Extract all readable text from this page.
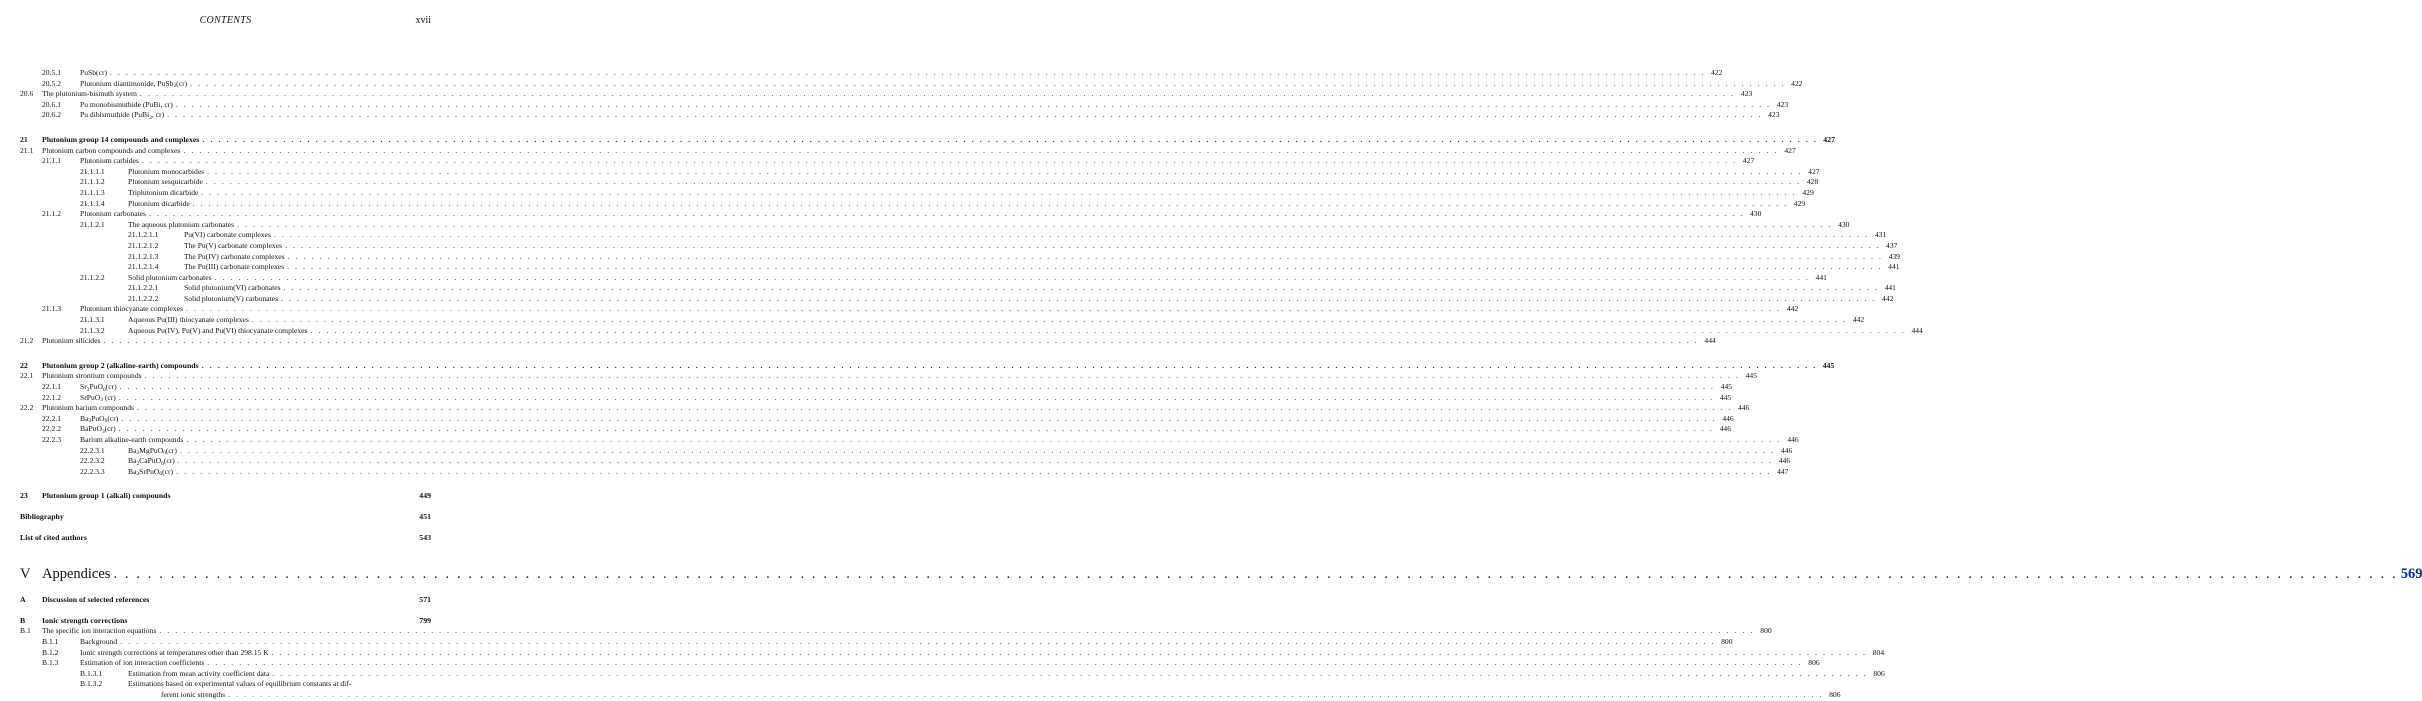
CONTENTS	xvii
20.5.1	PuSb(cr) . . . . . . . . . . . . . . . . . . . . . . . . . . . . . . . . . . . . . . . . . . . . . . . . . . . . . . . . . . . . . . . . . . . . . . . . . . . . . . . . . . . . . . . . . . . . . . . . . . . . . . . . . . . . . . . . . . . . . . . . . . . . . . . . . . . . . . . . . . . . . . . . . . . . . . . . . . . . . . . . . . . . . . . . . . . . . . . . . . . . . . . . . . . . . . . . . . . . . . . . 422
20.5.2	Plutonium diantimonide, PuSb2(cr) . . . . . . . . . . . . . . . . . . . . . . . . . . . . . . . . . . . . . . . . . . . . . . . . . . . . . . . . . . . . . . . . . . . . . . . . . . . . . . . . . . . . . . . . . . . . . . . . . . . . . . . . . . . . . . . . . . . . . . . . . . . . . . . . . . . . . . . . . . . . . . . . . . . . . . . . . . . . . . . . . . . . . . . . . . . . . . . . . . . . . . . . . . . . . . . . . . . . . . . . 422
20.6	The plutonium-bismuth system . . . . . . . . . . . . . . . . . . . . . . . . . . . . . . . . . . . . . . . . . . . . . . . . . . . . . . . . . . . . . . . . . . . . . . . . . . . . . . . . . . . . . . . . . . . . . . . . . . . . . . . . . . . . . . . . . . . . . . . . . . . . . . . . . . . . . . . . . . . . . . . . . . . . . . . . . . . . . . . . . . . . . . . . . . . . . . . . . . . . . . . . . . . . . . . . . . . . . . . . 423
20.6.1	Pu monobismuthide (PuBi, cr) . . . . . . . . . . . . . . . . . . . . . . . . . . . . . . . . . . . . . . . . . . . . . . . . . . . . . . . . . . . . . . . . . . . . . . . . . . . . . . . . . . . . . . . . . . . . . . . . . . . . . . . . . . . . . . . . . . . . . . . . . . . . . . . . . . . . . . . . . . . . . . . . . . . . . . . . . . . . . . . . . . . . . . . . . . . . . . . . . . . . . . . . . . . . . . . . . . . . . . . . 423
20.6.2	Pu dibismuthide (PuBi2, cr) . . . . . . . . . . . . . . . . . . . . . . . . . . . . . . . . . . . . . . . . . . . . . . . . . . . . . . . . . . . . . . . . . . . . . . . . . . . . . . . . . . . . . . . . . . . . . . . . . . . . . . . . . . . . . . . . . . . . . . . . . . . . . . . . . . . . . . . . . . . . . . . . . . . . . . . . . . . . . . . . . . . . . . . . . . . . . . . . . . . . . . . . . . . . . . . . . . . . . . . . 423
21	Plutonium group 14 compounds and complexes . . . . . . . . . . . . . . . . . . . . . . . . . . . . . . . . . . . . . . . . . . . . . . . . . . . . . . . . . . . . . . . . . . . . . . . . . . . . . . . . . . . . . . . . . . . . . . . . . . . . . . . . . . . . . . . . . . . . . . . . . . . . . . . . . . . . . . . . . . . . . . . . . . . . . . . . . . . . . . . . . . . . . . . . . . . . . . . . . . . . . . . . . . . . . . . . . . . . . . . . 427
21.1	Plutonium carbon compounds and complexes . . . . . . . . . . . . . . . . . . . . . . . . . . . . . . . . . . . . . . . . . . . . . . . . . . . . . . . . . . . . . . . . . . . . . . . . . . . . . . . . . . . . . . . . . . . . . . . . . . . . . . . . . . . . . . . . . . . . . . . . . . . . . . . . . . . . . . . . . . . . . . . . . . . . . . . . . . . . . . . . . . . . . . . . . . . . . . . . . . . . . . . . . . . . . . . . . . . . . . . . 427
21.1.1	Plutonium carbides . . . . . . . . . . . . . . . . . . . . . . . . . . . . . . . . . . . . . . . . . . . . . . . . . . . . . . . . . . . . . . . . . . . . . . . . . . . . . . . . . . . . . . . . . . . . . . . . . . . . . . . . . . . . . . . . . . . . . . . . . . . . . . . . . . . . . . . . . . . . . . . . . . . . . . . . . . . . . . . . . . . . . . . . . . . . . . . . . . . . . . . . . . . . . . . . . . . . . . . . 427
21.1.1.1	Plutonium monocarbides . . . . . . . . . . . . . . . . . . . . . . . . . . . . . . . . . . . . . . . . . . . . . . . . . . . . . . . . . . . . . . . . . . . . . . . . . . . . . . . . . . . . . . . . . . . . . . . . . . . . . . . . . . . . . . . . . . . . . . . . . . . . . . . . . . . . . . . . . . . . . . . . . . . . . . . . . . . . . . . . . . . . . . . . . . . . . . . . . . . . . . . . . . . . . . . . . . . . . . . . 427
21.1.1.2	Plutonium sesquicarbide . . . . . . . . . . . . . . . . . . . . . . . . . . . . . . . . . . . . . . . . . . . . . . . . . . . . . . . . . . . . . . . . . . . . . . . . . . . . . . . . . . . . . . . . . . . . . . . . . . . . . . . . . . . . . . . . . . . . . . . . . . . . . . . . . . . . . . . . . . . . . . . . . . . . . . . . . . . . . . . . . . . . . . . . . . . . . . . . . . . . . . . . . . . . . . . . . . . . . . . . 428
21.1.1.3	Triplutonium dicarbide . . . . . . . . . . . . . . . . . . . . . . . . . . . . . . . . . . . . . . . . . . . . . . . . . . . . . . . . . . . . . . . . . . . . . . . . . . . . . . . . . . . . . . . . . . . . . . . . . . . . . . . . . . . . . . . . . . . . . . . . . . . . . . . . . . . . . . . . . . . . . . . . . . . . . . . . . . . . . . . . . . . . . . . . . . . . . . . . . . . . . . . . . . . . . . . . . . . . . . . . 429
21.1.1.4	Plutonium dicarbide . . . . . . . . . . . . . . . . . . . . . . . . . . . . . . . . . . . . . . . . . . . . . . . . . . . . . . . . . . . . . . . . . . . . . . . . . . . . . . . . . . . . . . . . . . . . . . . . . . . . . . . . . . . . . . . . . . . . . . . . . . . . . . . . . . . . . . . . . . . . . . . . . . . . . . . . . . . . . . . . . . . . . . . . . . . . . . . . . . . . . . . . . . . . . . . . . . . . . . . . 429
21.1.2	Plutonium carbonates . . . . . . . . . . . . . . . . . . . . . . . . . . . . . . . . . . . . . . . . . . . . . . . . . . . . . . . . . . . . . . . . . . . . . . . . . . . . . . . . . . . . . . . . . . . . . . . . . . . . . . . . . . . . . . . . . . . . . . . . . . . . . . . . . . . . . . . . . . . . . . . . . . . . . . . . . . . . . . . . . . . . . . . . . . . . . . . . . . . . . . . . . . . . . . . . . . . . . . . . 430
21.1.2.1	The aqueous plutonium carbonates . . . . . . . . . . . . . . . . . . . . . . . . . . . . . . . . . . . . . . . . . . . . . . . . . . . . . . . . . . . . . . . . . . . . . . . . . . . . . . . . . . . . . . . . . . . . . . . . . . . . . . . . . . . . . . . . . . . . . . . . . . . . . . . . . . . . . . . . . . . . . . . . . . . . . . . . . . . . . . . . . . . . . . . . . . . . . . . . . . . . . . . . . . . . . . . . . . . . . . . . 430
21.1.2.1.1	Pu(VI) carbonate complexes . . . . . . . . . . . . . . . . . . . . . . . . . . . . . . . . . . . . . . . . . . . . . . . . . . . . . . . . . . . . . . . . . . . . . . . . . . . . . . . . . . . . . . . . . . . . . . . . . . . . . . . . . . . . . . . . . . . . . . . . . . . . . . . . . . . . . . . . . . . . . . . . . . . . . . . . . . . . . . . . . . . . . . . . . . . . . . . . . . . . . . . . . . . . . . . . . . . . . . . . 431
21.1.2.1.2	The Pu(V) carbonate complexes . . . . . . . . . . . . . . . . . . . . . . . . . . . . . . . . . . . . . . . . . . . . . . . . . . . . . . . . . . . . . . . . . . . . . . . . . . . . . . . . . . . . . . . . . . . . . . . . . . . . . . . . . . . . . . . . . . . . . . . . . . . . . . . . . . . . . . . . . . . . . . . . . . . . . . . . . . . . . . . . . . . . . . . . . . . . . . . . . . . . . . . . . . . . . . . . . . . . . . . . 437
21.1.2.1.3	The Pu(IV) carbonate complexes . . . . . . . . . . . . . . . . . . . . . . . . . . . . . . . . . . . . . . . . . . . . . . . . . . . . . . . . . . . . . . . . . . . . . . . . . . . . . . . . . . . . . . . . . . . . . . . . . . . . . . . . . . . . . . . . . . . . . . . . . . . . . . . . . . . . . . . . . . . . . . . . . . . . . . . . . . . . . . . . . . . . . . . . . . . . . . . . . . . . . . . . . . . . . . . . . . . . . . . . 439
21.1.2.1.4	The Pu(III) carbonate complexes . . . . . . . . . . . . . . . . . . . . . . . . . . . . . . . . . . . . . . . . . . . . . . . . . . . . . . . . . . . . . . . . . . . . . . . . . . . . . . . . . . . . . . . . . . . . . . . . . . . . . . . . . . . . . . . . . . . . . . . . . . . . . . . . . . . . . . . . . . . . . . . . . . . . . . . . . . . . . . . . . . . . . . . . . . . . . . . . . . . . . . . . . . . . . . . . . . . . . . . . 441
21.1.2.2	Solid plutonium carbonates . . . . . . . . . . . . . . . . . . . . . . . . . . . . . . . . . . . . . . . . . . . . . . . . . . . . . . . . . . . . . . . . . . . . . . . . . . . . . . . . . . . . . . . . . . . . . . . . . . . . . . . . . . . . . . . . . . . . . . . . . . . . . . . . . . . . . . . . . . . . . . . . . . . . . . . . . . . . . . . . . . . . . . . . . . . . . . . . . . . . . . . . . . . . . . . . . . . . . . . . 441
21.1.2.2.1	Solid plutonium(VI) carbonates . . . . . . . . . . . . . . . . . . . . . . . . . . . . . . . . . . . . . . . . . . . . . . . . . . . . . . . . . . . . . . . . . . . . . . . . . . . . . . . . . . . . . . . . . . . . . . . . . . . . . . . . . . . . . . . . . . . . . . . . . . . . . . . . . . . . . . . . . . . . . . . . . . . . . . . . . . . . . . . . . . . . . . . . . . . . . . . . . . . . . . . . . . . . . . . . . . . . . . . . 441
21.1.2.2.2	Solid plutonium(V) carbonates . . . . . . . . . . . . . . . . . . . . . . . . . . . . . . . . . . . . . . . . . . . . . . . . . . . . . . . . . . . . . . . . . . . . . . . . . . . . . . . . . . . . . . . . . . . . . . . . . . . . . . . . . . . . . . . . . . . . . . . . . . . . . . . . . . . . . . . . . . . . . . . . . . . . . . . . . . . . . . . . . . . . . . . . . . . . . . . . . . . . . . . . . . . . . . . . . . . . . . . . 442
21.1.3	Plutonium thiocyanate complexes . . . . . . . . . . . . . . . . . . . . . . . . . . . . . . . . . . . . . . . . . . . . . . . . . . . . . . . . . . . . . . . . . . . . . . . . . . . . . . . . . . . . . . . . . . . . . . . . . . . . . . . . . . . . . . . . . . . . . . . . . . . . . . . . . . . . . . . . . . . . . . . . . . . . . . . . . . . . . . . . . . . . . . . . . . . . . . . . . . . . . . . . . . . . . . . . . . . . . . . . 442
21.1.3.1	Aqueous Pu(III) thiocyanate complexes . . . . . . . . . . . . . . . . . . . . . . . . . . . . . . . . . . . . . . . . . . . . . . . . . . . . . . . . . . . . . . . . . . . . . . . . . . . . . . . . . . . . . . . . . . . . . . . . . . . . . . . . . . . . . . . . . . . . . . . . . . . . . . . . . . . . . . . . . . . . . . . . . . . . . . . . . . . . . . . . . . . . . . . . . . . . . . . . . . . . . . . . . . . . . . . . . . . . . . . . 442
21.1.3.2	Aqueous Pu(IV), Pu(V) and Pu(VI) thiocyanate complexes . . . . . . . . . . . . . . . . . . . . . . . . . . . . . . . . . . . . . . . . . . . . . . . . . . . . . . . . . . . . . . . . . . . . . . . . . . . . . . . . . . . . . . . . . . . . . . . . . . . . . . . . . . . . . . . . . . . . . . . . . . . . . . . . . . . . . . . . . . . . . . . . . . . . . . . . . . . . . . . . . . . . . . . . . . . . . . . . . . . . . . . . . . . . . . . . . . . . . . . . 444
21.2	Plutonium silicides . . . . . . . . . . . . . . . . . . . . . . . . . . . . . . . . . . . . . . . . . . . . . . . . . . . . . . . . . . . . . . . . . . . . . . . . . . . . . . . . . . . . . . . . . . . . . . . . . . . . . . . . . . . . . . . . . . . . . . . . . . . . . . . . . . . . . . . . . . . . . . . . . . . . . . . . . . . . . . . . . . . . . . . . . . . . . . . . . . . . . . . . . . . . . . . . . . . . . . . . 444
22	Plutonium group 2 (alkaline-earth) compounds . . . . . . . . . . . . . . . . . . . . . . . . . . . . . . . . . . . . . . . . . . . . . . . . . . . . . . . . . . . . . . . . . . . . . . . . . . . . . . . . . . . . . . . . . . . . . . . . . . . . . . . . . . . . . . . . . . . . . . . . . . . . . . . . . . . . . . . . . . . . . . . . . . . . . . . . . . . . . . . . . . . . . . . . . . . . . . . . . . . . . . . . . . . . . . . . . . . . . . . . 445
22.1	Plutonium strontium compounds . . . . . . . . . . . . . . . . . . . . . . . . . . . . . . . . . . . . . . . . . . . . . . . . . . . . . . . . . . . . . . . . . . . . . . . . . . . . . . . . . . . . . . . . . . . . . . . . . . . . . . . . . . . . . . . . . . . . . . . . . . . . . . . . . . . . . . . . . . . . . . . . . . . . . . . . . . . . . . . . . . . . . . . . . . . . . . . . . . . . . . . . . . . . . . . . . . . . . . . . 445
22.1.1	Sr3PuO6(cr) . . . . . . . . . . . . . . . . . . . . . . . . . . . . . . . . . . . . . . . . . . . . . . . . . . . . . . . . . . . . . . . . . . . . . . . . . . . . . . . . . . . . . . . . . . . . . . . . . . . . . . . . . . . . . . . . . . . . . . . . . . . . . . . . . . . . . . . . . . . . . . . . . . . . . . . . . . . . . . . . . . . . . . . . . . . . . . . . . . . . . . . . . . . . . . . . . . . . . . . . 445
22.1.2	SrPuO3 (cr) . . . . . . . . . . . . . . . . . . . . . . . . . . . . . . . . . . . . . . . . . . . . . . . . . . . . . . . . . . . . . . . . . . . . . . . . . . . . . . . . . . . . . . . . . . . . . . . . . . . . . . . . . . . . . . . . . . . . . . . . . . . . . . . . . . . . . . . . . . . . . . . . . . . . . . . . . . . . . . . . . . . . . . . . . . . . . . . . . . . . . . . . . . . . . . . . . . . . . . . . 445
22.2	Plutonium barium compounds . . . . . . . . . . . . . . . . . . . . . . . . . . . . . . . . . . . . . . . . . . . . . . . . . . . . . . . . . . . . . . . . . . . . . . . . . . . . . . . . . . . . . . . . . . . . . . . . . . . . . . . . . . . . . . . . . . . . . . . . . . . . . . . . . . . . . . . . . . . . . . . . . . . . . . . . . . . . . . . . . . . . . . . . . . . . . . . . . . . . . . . . . . . . . . . . . . . . . . . . 446
22.2.1	Ba3PuO6(cr) . . . . . . . . . . . . . . . . . . . . . . . . . . . . . . . . . . . . . . . . . . . . . . . . . . . . . . . . . . . . . . . . . . . . . . . . . . . . . . . . . . . . . . . . . . . . . . . . . . . . . . . . . . . . . . . . . . . . . . . . . . . . . . . . . . . . . . . . . . . . . . . . . . . . . . . . . . . . . . . . . . . . . . . . . . . . . . . . . . . . . . . . . . . . . . . . . . . . . . . . 446
22.2.2	BaPuO3(cr) . . . . . . . . . . . . . . . . . . . . . . . . . . . . . . . . . . . . . . . . . . . . . . . . . . . . . . . . . . . . . . . . . . . . . . . . . . . . . . . . . . . . . . . . . . . . . . . . . . . . . . . . . . . . . . . . . . . . . . . . . . . . . . . . . . . . . . . . . . . . . . . . . . . . . . . . . . . . . . . . . . . . . . . . . . . . . . . . . . . . . . . . . . . . . . . . . . . . . . . . 446
22.2.3	Barium alkaline-earth compounds . . . . . . . . . . . . . . . . . . . . . . . . . . . . . . . . . . . . . . . . . . . . . . . . . . . . . . . . . . . . . . . . . . . . . . . . . . . . . . . . . . . . . . . . . . . . . . . . . . . . . . . . . . . . . . . . . . . . . . . . . . . . . . . . . . . . . . . . . . . . . . . . . . . . . . . . . . . . . . . . . . . . . . . . . . . . . . . . . . . . . . . . . . . . . . . . . . . . . . . . 446
22.2.3.1	Ba2MgPuO6(cr) . . . . . . . . . . . . . . . . . . . . . . . . . . . . . . . . . . . . . . . . . . . . . . . . . . . . . . . . . . . . . . . . . . . . . . . . . . . . . . . . . . . . . . . . . . . . . . . . . . . . . . . . . . . . . . . . . . . . . . . . . . . . . . . . . . . . . . . . . . . . . . . . . . . . . . . . . . . . . . . . . . . . . . . . . . . . . . . . . . . . . . . . . . . . . . . . . . . . . . . . 446
22.2.3.2	Ba2CaPuO6(cr) . . . . . . . . . . . . . . . . . . . . . . . . . . . . . . . . . . . . . . . . . . . . . . . . . . . . . . . . . . . . . . . . . . . . . . . . . . . . . . . . . . . . . . . . . . . . . . . . . . . . . . . . . . . . . . . . . . . . . . . . . . . . . . . . . . . . . . . . . . . . . . . . . . . . . . . . . . . . . . . . . . . . . . . . . . . . . . . . . . . . . . . . . . . . . . . . . . . . . . . . 446
22.2.3.3	Ba2SrPuO6(cr) . . . . . . . . . . . . . . . . . . . . . . . . . . . . . . . . . . . . . . . . . . . . . . . . . . . . . . . . . . . . . . . . . . . . . . . . . . . . . . . . . . . . . . . . . . . . . . . . . . . . . . . . . . . . . . . . . . . . . . . . . . . . . . . . . . . . . . . . . . . . . . . . . . . . . . . . . . . . . . . . . . . . . . . . . . . . . . . . . . . . . . . . . . . . . . . . . . . . . . . . 447
23	Plutonium group 1 (alkali) compounds	449
Bibliography	451
List of cited authors	543
V Appendices . . . . . . . . . . . . . . . . . . . . . . . . . . . . . . . . . . . . . . . . . . . . . . . . . . . . . . . . . . . . . . . . . . . . . . . . . . . . . . . . . . . . . . . . . . . . . . . . . . . . . . . . . . . . . . . . . . . . . . . . . . . . . . . . . . . . . . . . . . . . . . . . . . . . . . . . . . . . . . . . . . . . . . . . . . . . . . . . . . . . . . . . . . . . . . . . . . . . . . . . 569
A	Discussion of selected references	571
B	Ionic strength corrections	799
B.1	The specific ion interaction equations . . . . . . . . . . . . . . . . . . . . . . . . . . . . . . . . . . . . . . . . . . . . . . . . . . . . . . . . . . . . . . . . . . . . . . . . . . . . . . . . . . . . . . . . . . . . . . . . . . . . . . . . . . . . . . . . . . . . . . . . . . . . . . . . . . . . . . . . . . . . . . . . . . . . . . . . . . . . . . . . . . . . . . . . . . . . . . . . . . . . . . . . . . . . . . . . . . . . . . . . 800
B.1.1	Background . . . . . . . . . . . . . . . . . . . . . . . . . . . . . . . . . . . . . . . . . . . . . . . . . . . . . . . . . . . . . . . . . . . . . . . . . . . . . . . . . . . . . . . . . . . . . . . . . . . . . . . . . . . . . . . . . . . . . . . . . . . . . . . . . . . . . . . . . . . . . . . . . . . . . . . . . . . . . . . . . . . . . . . . . . . . . . . . . . . . . . . . . . . . . . . . . . . . . . . . 800
B.1.2	Ionic strength corrections at temperatures other than 298.15 K . . . . . . . . . . . . . . . . . . . . . . . . . . . . . . . . . . . . . . . . . . . . . . . . . . . . . . . . . . . . . . . . . . . . . . . . . . . . . . . . . . . . . . . . . . . . . . . . . . . . . . . . . . . . . . . . . . . . . . . . . . . . . . . . . . . . . . . . . . . . . . . . . . . . . . . . . . . . . . . . . . . . . . . . . . . . . . . . . . . . . . . . . . . . . . . . . . . . . . . . 804
B.1.3	Estimation of ion interaction coefficients . . . . . . . . . . . . . . . . . . . . . . . . . . . . . . . . . . . . . . . . . . . . . . . . . . . . . . . . . . . . . . . . . . . . . . . . . . . . . . . . . . . . . . . . . . . . . . . . . . . . . . . . . . . . . . . . . . . . . . . . . . . . . . . . . . . . . . . . . . . . . . . . . . . . . . . . . . . . . . . . . . . . . . . . . . . . . . . . . . . . . . . . . . . . . . . . . . . . . . . . 806
B.1.3.1	Estimation from mean activity coefficient data . . . . . . . . . . . . . . . . . . . . . . . . . . . . . . . . . . . . . . . . . . . . . . . . . . . . . . . . . . . . . . . . . . . . . . . . . . . . . . . . . . . . . . . . . . . . . . . . . . . . . . . . . . . . . . . . . . . . . . . . . . . . . . . . . . . . . . . . . . . . . . . . . . . . . . . . . . . . . . . . . . . . . . . . . . . . . . . . . . . . . . . . . . . . . . . . . . . . . . . . 806
B.1.3.2	Estimations based on experimental values of equilibrium constants at dif-
ferent ionic strengths . . . . . . . . . . . . . . . . . . . . . . . . . . . . . . . . . . . . . . . . . . . . . . . . . . . . . . . . . . . . . . . . . . . . . . . . . . . . . . . . . . . . . . . . . . . . . . . . . . . . . . . . . . . . . . . . . . . . . . . . . . . . . . . . . . . . . . . . . . . . . . . . . . . . . . . . . . . . . . . . . . . . . . . . . . . . . . . . . . . . . . . . . . . . . . . . . . . . . . . . 806
